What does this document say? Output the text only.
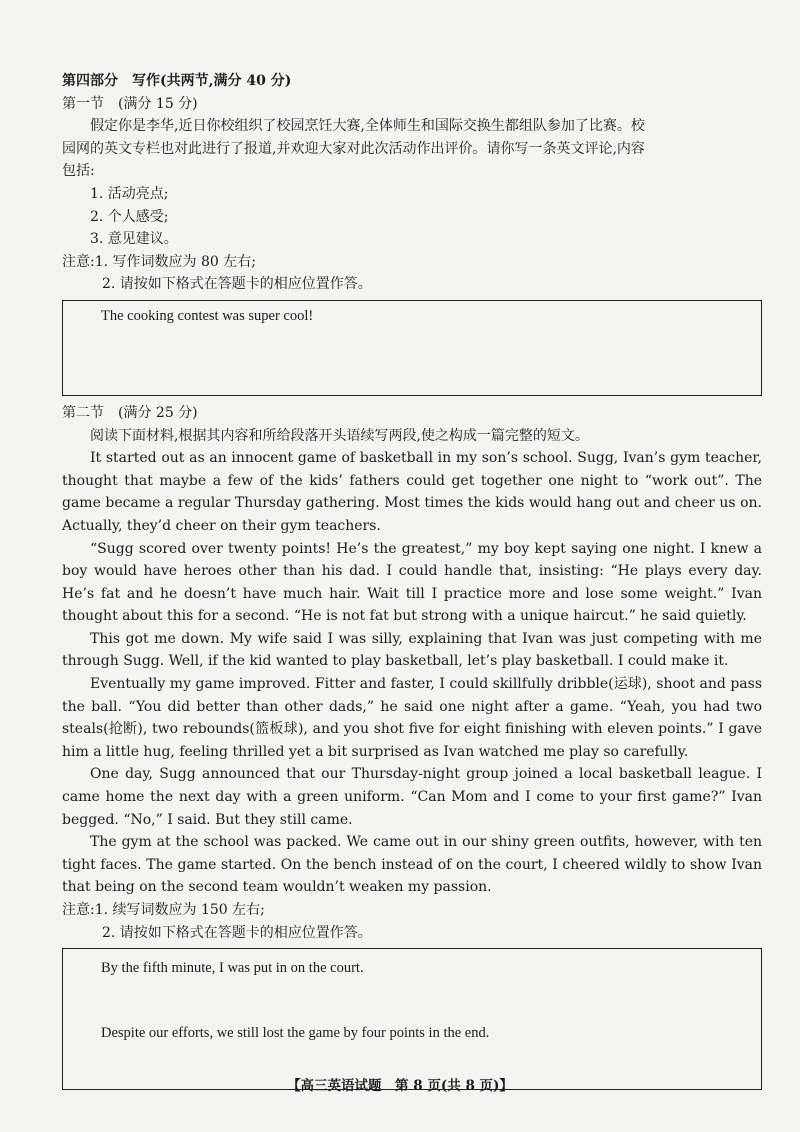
第四部分　写作(共两节,满分 40 分)
第一节　(满分 15 分)
假定你是李华,近日你校组织了校园烹饪大赛,全体师生和国际交换生都组队参加了比赛。校
园网的英文专栏也对此进行了报道,并欢迎大家对此次活动作出评价。请你写一条英文评论,内容
包括:
1. 活动亮点;
2. 个人感受;
3. 意见建议。
注意:1. 写作词数应为 80 左右;
2. 请按如下格式在答题卡的相应位置作答。
The cooking contest was super cool!
第二节　(满分 25 分)
阅读下面材料,根据其内容和所给段落开头语续写两段,使之构成一篇完整的短文。

It started out as an innocent game of basketball in my son’s school. Sugg, Ivan’s gym teacher, thought that maybe a few of the kids’ fathers could get together one night to “work out”. The game became a regular Thursday gathering. Most times the kids would hang out and cheer us on. Actually, they’d cheer on their gym teachers.

“Sugg scored over twenty points! He’s the greatest,” my boy kept saying one night. I knew a boy would have heroes other than his dad. I could handle that, insisting: “He plays every day. He’s fat and he doesn’t have much hair. Wait till I practice more and lose some weight.” Ivan thought about this for a second. “He is not fat but strong with a unique haircut.” he said quietly.

This got me down. My wife said I was silly, explaining that Ivan was just competing with me through Sugg. Well, if the kid wanted to play basketball, let’s play basketball. I could make it.

Eventually my game improved. Fitter and faster, I could skillfully dribble(运球), shoot and pass the ball. “You did better than other dads,” he said one night after a game. “Yeah, you had two steals(抢断), two rebounds(篮板球), and you shot five for eight finishing with eleven points.” I gave him a little hug, feeling thrilled yet a bit surprised as Ivan watched me play so carefully.

One day, Sugg announced that our Thursday-night group joined a local basketball league. I came home the next day with a green uniform. “Can Mom and I come to your first game?” Ivan begged. “No,” I said. But they still came.

The gym at the school was packed. We came out in our shiny green outfits, however, with ten tight faces. The game started. On the bench instead of on the court, I cheered wildly to show Ivan that being on the second team wouldn’t weaken my passion.

注意:1. 续写词数应为 150 左右;
2. 请按如下格式在答题卡的相应位置作答。
By the fifth minute, I was put in on the court.
Despite our efforts, we still lost the game by four points in the end.
【高三英语试题　第 8 页(共 8 页)】
